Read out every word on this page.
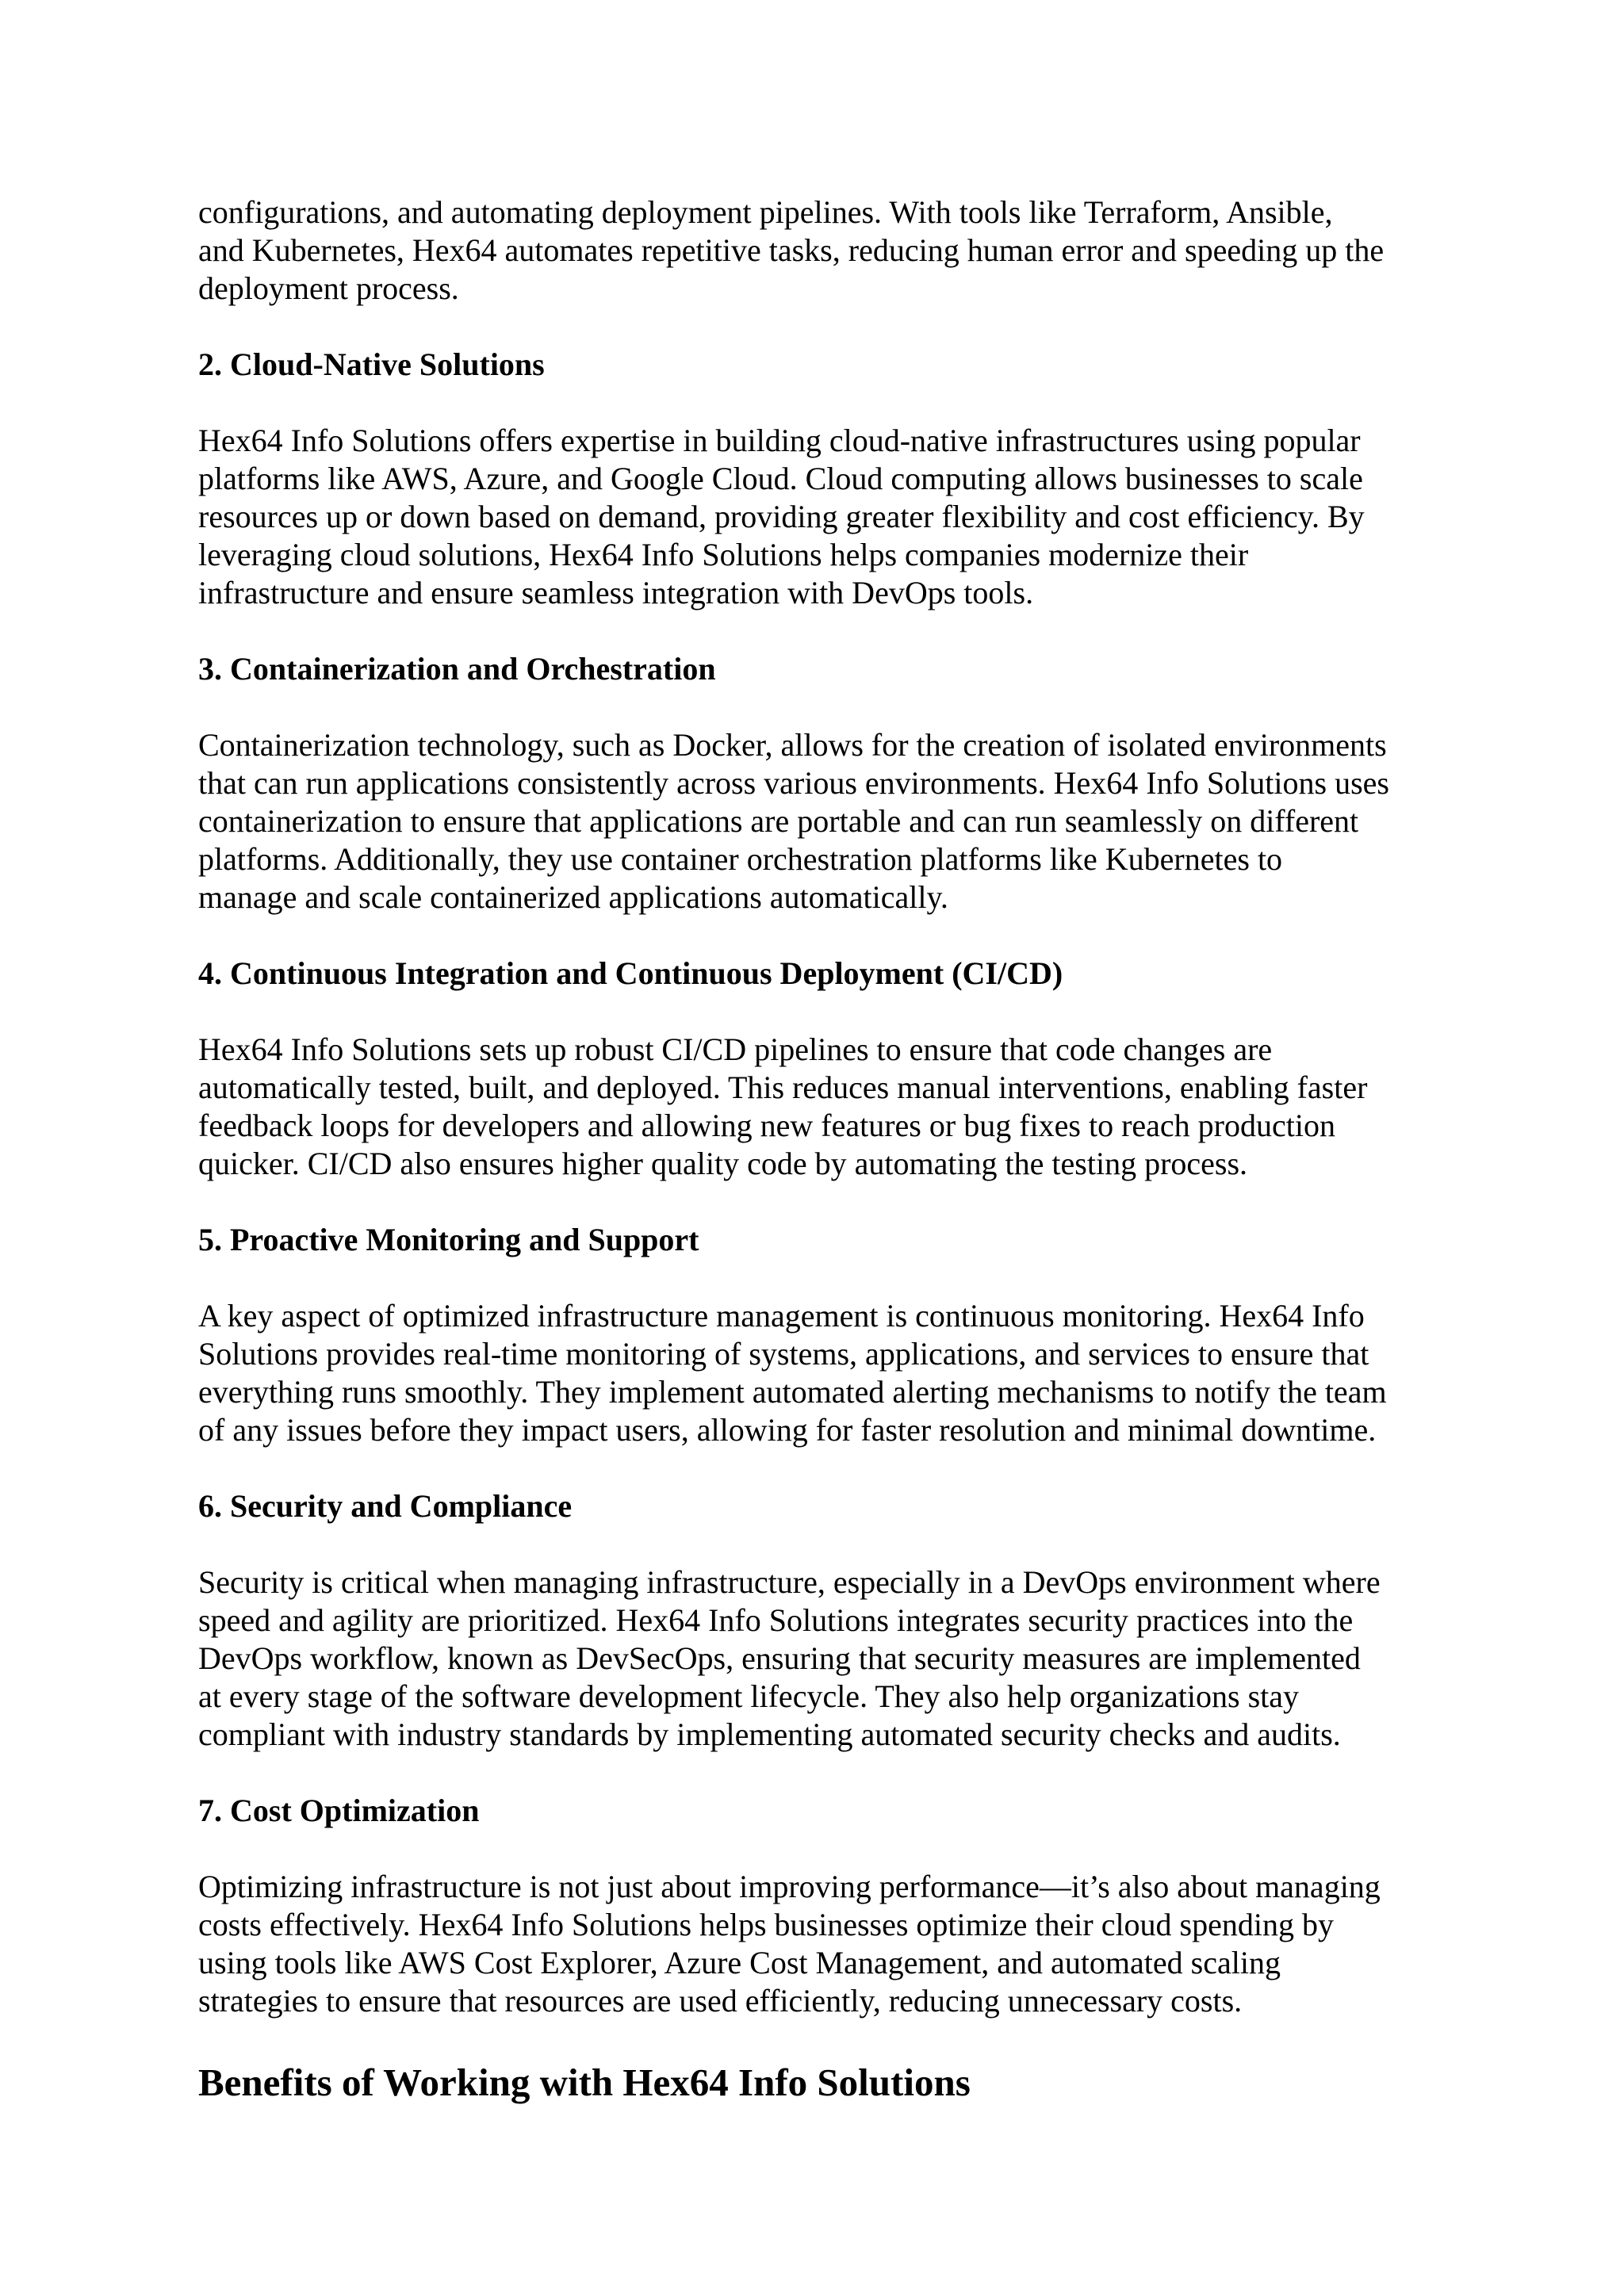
configurations, and automating deployment pipelines. With tools like Terraform, Ansible,

and Kubernetes, Hex64 automates repetitive tasks, reducing human error and speeding up the

deployment process.

2. Cloud-Native Solutions

Hex64 Info Solutions offers expertise in building cloud-native infrastructures using popular

platforms like AWS, Azure, and Google Cloud. Cloud computing allows businesses to scale

resources up or down based on demand, providing greater flexibility and cost efficiency. By

leveraging cloud solutions, Hex64 Info Solutions helps companies modernize their

infrastructure and ensure seamless integration with DevOps tools.

3. Containerization and Orchestration

Containerization technology, such as Docker, allows for the creation of isolated environments

that can run applications consistently across various environments. Hex64 Info Solutions uses

containerization to ensure that applications are portable and can run seamlessly on different

platforms. Additionally, they use container orchestration platforms like Kubernetes to

manage and scale containerized applications automatically.

4. Continuous Integration and Continuous Deployment (CI/CD)

Hex64 Info Solutions sets up robust CI/CD pipelines to ensure that code changes are

automatically tested, built, and deployed. This reduces manual interventions, enabling faster

feedback loops for developers and allowing new features or bug fixes to reach production

quicker. CI/CD also ensures higher quality code by automating the testing process.

5. Proactive Monitoring and Support

A key aspect of optimized infrastructure management is continuous monitoring. Hex64 Info

Solutions provides real-time monitoring of systems, applications, and services to ensure that

everything runs smoothly. They implement automated alerting mechanisms to notify the team

of any issues before they impact users, allowing for faster resolution and minimal downtime.

6. Security and Compliance

Security is critical when managing infrastructure, especially in a DevOps environment where

speed and agility are prioritized. Hex64 Info Solutions integrates security practices into the

DevOps workflow, known as DevSecOps, ensuring that security measures are implemented

at every stage of the software development lifecycle. They also help organizations stay

compliant with industry standards by implementing automated security checks and audits.

7. Cost Optimization

Optimizing infrastructure is not just about improving performance—it’s also about managing

costs effectively. Hex64 Info Solutions helps businesses optimize their cloud spending by

using tools like AWS Cost Explorer, Azure Cost Management, and automated scaling

strategies to ensure that resources are used efficiently, reducing unnecessary costs.

Benefits of Working with Hex64 Info Solutions
